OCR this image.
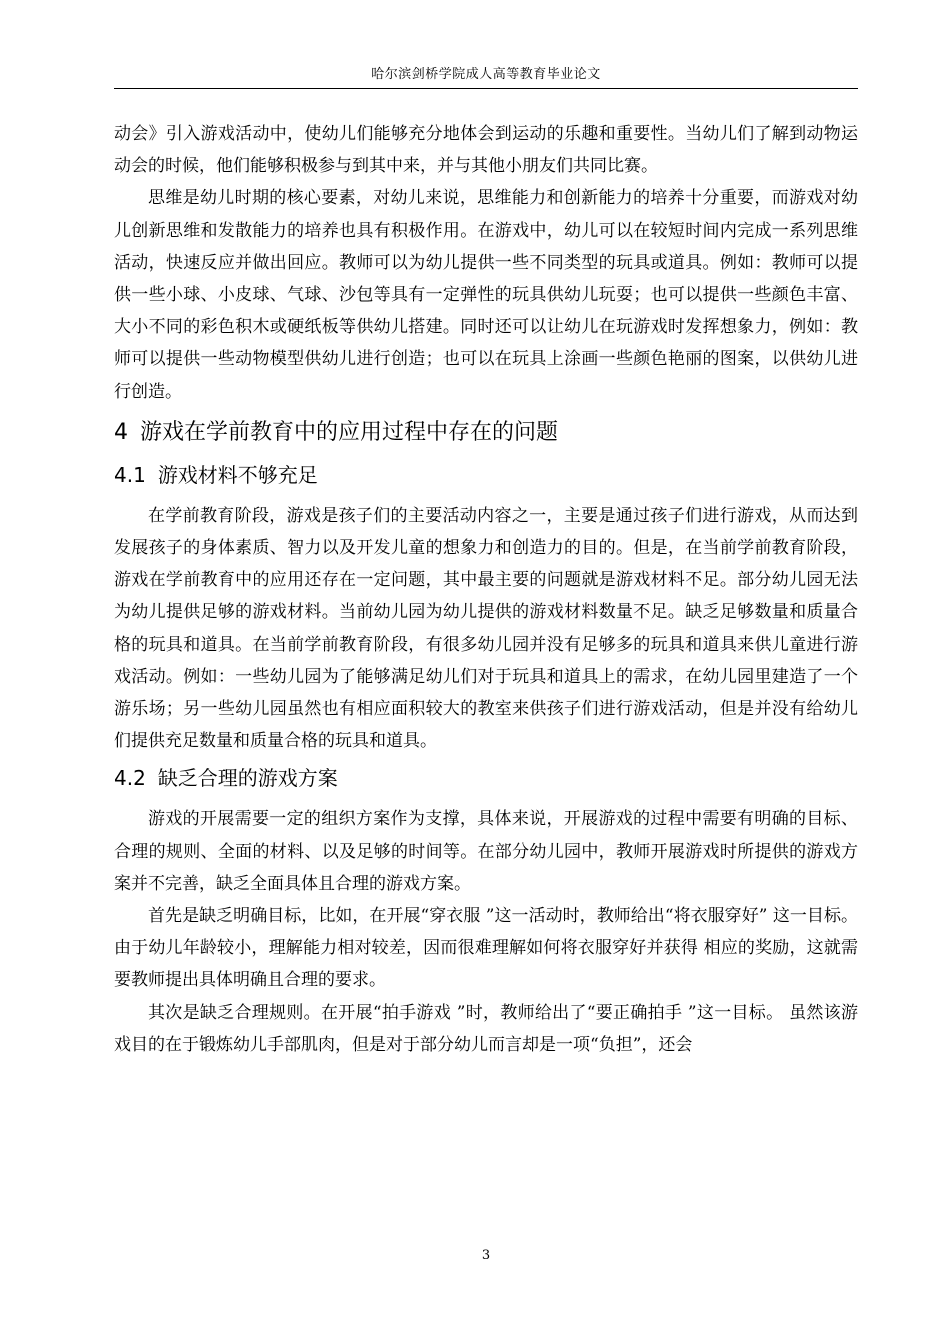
哈尔滨剑桥学院成人高等教育毕业论文

动会》引入游戏活动中，使幼儿们能够充分地体会到运动的乐趣和重要性。当幼儿们了解到动物运动会的时候，他们能够积极参与到其中来，并与其他小朋友们共同比赛。

思维是幼儿时期的核心要素，对幼儿来说，思维能力和创新能力的培养十分重要，而游戏对幼儿创新思维和发散能力的培养也具有积极作用。在游戏中，幼儿可以在较短时间内完成一系列思维活动，快速反应并做出回应。教师可以为幼儿提供一些不同类型的玩具或道具。例如：教师可以提供一些小球、小皮球、气球、沙包等具有一定弹性的玩具供幼儿玩耍；也可以提供一些颜色丰富、大小不同的彩色积木或硬纸板等供幼儿搭建。同时还可以让幼儿在玩游戏时发挥想象力，例如：教师可以提供一些动物模型供幼儿进行创造；也可以在玩具上涂画一些颜色艳丽的图案，以供幼儿进行创造。

4 游戏在学前教育中的应用过程中存在的问题
4.1 游戏材料不够充足

在学前教育阶段，游戏是孩子们的主要活动内容之一，主要是通过孩子们进行游戏，从而达到发展孩子的身体素质、智力以及开发儿童的想象力和创造力的目的。但是，在当前学前教育阶段，游戏在学前教育中的应用还存在一定问题，其中最主要的问题就是游戏材料不足。部分幼儿园无法为幼儿提供足够的游戏材料。当前幼儿园为幼儿提供的游戏材料数量不足。缺乏足够数量和质量合格的玩具和道具。在当前学前教育阶段，有很多幼儿园并没有足够多的玩具和道具来供儿童进行游戏活动。例如：一些幼儿园为了能够满足幼儿们对于玩具和道具上的需求，在幼儿园里建造了一个游乐场；另一些幼儿园虽然也有相应面积较大的教室来供孩子们进行游戏活动，但是并没有给幼儿们提供充足数量和质量合格的玩具和道具。

4.2 缺乏合理的游戏方案

游戏的开展需要一定的组织方案作为支撑，具体来说，开展游戏的过程中需要有明确的目标、合理的规则、全面的材料、以及足够的时间等。在部分幼儿园中，教师开展游戏时所提供的游戏方案并不完善，缺乏全面具体且合理的游戏方案。

首先是缺乏明确目标，比如，在开展“穿衣服 ”这一活动时，教师给出“将衣服穿好” 这一目标。由于幼儿年龄较小，理解能力相对较差，因而很难理解如何将衣服穿好并获得 相应的奖励，这就需要教师提出具体明确且合理的要求。

其次是缺乏合理规则。在开展“拍手游戏 ”时，教师给出了“要正确拍手 ”这一目标。 虽然该游戏目的在于锻炼幼儿手部肌肉，但是对于部分幼儿而言却是一项“负担”，还会

3
